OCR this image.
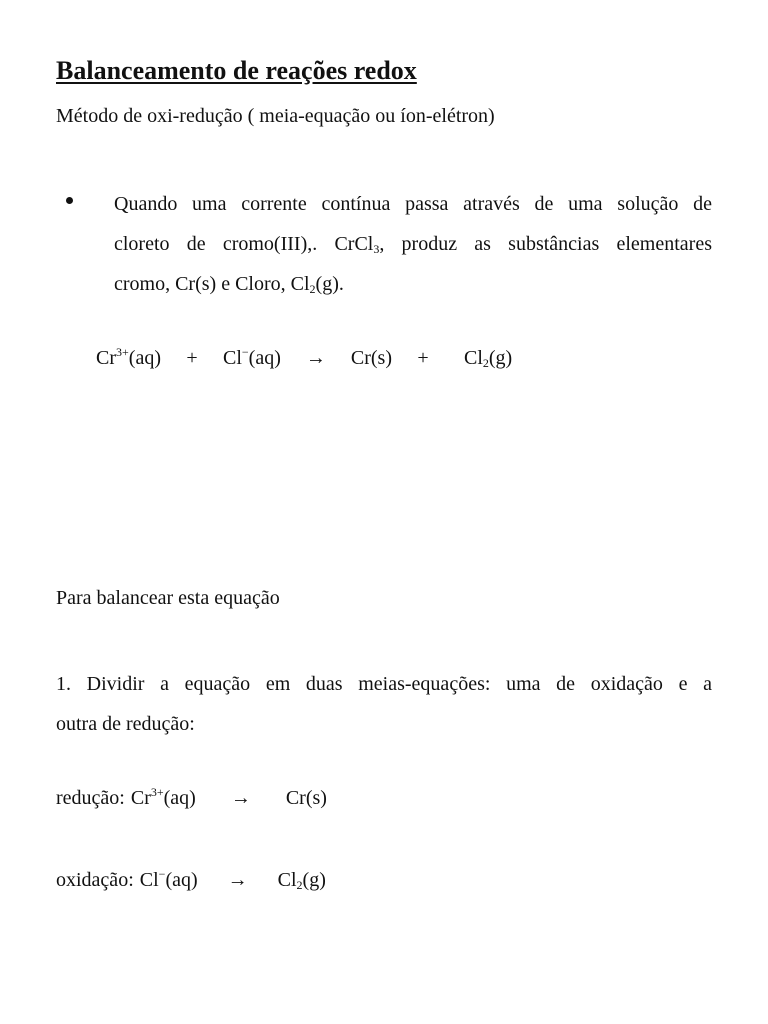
Balanceamento de reações redox

Método de oxi-redução ( meia-equação ou íon-elétron)

Quando uma corrente contínua passa através de uma solução de
cloreto de cromo(III),. CrCl$_3$, produz as substâncias elementares
cromo, Cr(s) e Cloro, $Cl_2(g)$.
$Cr^{3+}(aq)$	+	Cl−(aq)	→	Cr(s)	+	$Cl_2(g)$

Para balancear esta equação

1. Dividir a equação em duas meias-equações: uma de oxidação e a
outra de redução:
redução: $Cr^{3+}(aq)$	→	Cr(s)
oxidação: Cl−(aq)	→	$Cl_2(g)$
